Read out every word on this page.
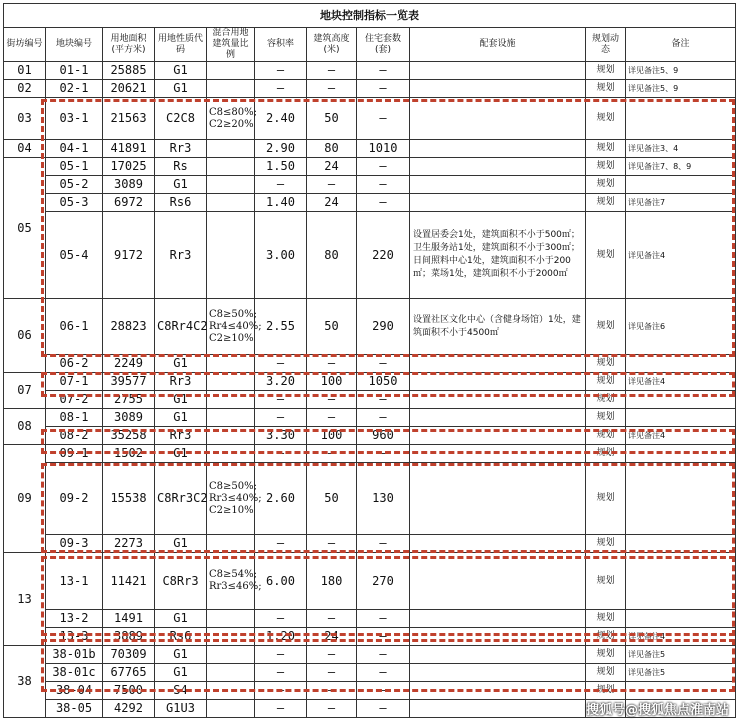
地块控制指标一览表										
街坊编号	地块编号	用地面积(平方米)	用地性质代码	混合用地建筑量比例	容积率	建筑高度(米)	住宅套数(套)	配套设施	规划动态	备注
01	01-1	25885	G1		—	—	—		规划	详见备注5、9
02	02-1	20621	G1		—	—	—		规划	详见备注5、9
03	03-1	21563	C2C8	C8≤80%; C2≥20%	2.40	50	—		规划	
04	04-1	41891	Rr3		2.90	80	1010		规划	详见备注3、4
05	05-1	17025	Rs		1.50	24	—		规划	详见备注7、8、9
	05-2	3089	G1		—	—	—		规划	
	05-3	6972	Rs6		1.40	24	—		规划	详见备注7
	05-4	9172	Rr3		3.00	80	220	设置居委会1处，建筑面积不小于500㎡；卫生服务站1处，建筑面积不小于300㎡；日间照料中心1处，建筑面积不小于200㎡；菜场1处，建筑面积不小于2000㎡	规划	详见备注4
06	06-1	28823	C8Rr4C2	C8≥50%; Rr4≤40%; C2≥10%	2.55	50	290	设置社区文化中心（含健身场馆）1处，建筑面积不小于4500㎡	规划	详见备注6
	06-2	2249	G1		—	—	—		规划	
07	07-1	39577	Rr3		3.20	100	1050		规划	详见备注4
	07-2	2755	G1		—	—	—		规划	
08	08-1	3089	G1		—	—	—		规划	
	08-2	35258	Rr3		3.30	100	960		规划	详见备注4
09	09-1	1502	G1		—	—	—		规划	
	09-2	15538	C8Rr3C2	C8≥50%; Rr3≤40%; C2≥10%	2.60	50	130		规划	
	09-3	2273	G1		—	—	—		规划	
13	13-1	11421	C8Rr3	C8≥54%; Rr3≤46%;	6.00	180	270		规划	
	13-2	1491	G1		—	—	—		规划	
	13-3	3889	Rs6		1.20	24	—		规划	详见备注4
38	38-01b	70309	G1		—	—	—		规划	详见备注5
	38-01c	67765	G1		—	—	—		规划	详见备注5
	38-04	7500	S4		—	—	—		规划	
	38-05	4292	G1U3		—	—	—				搜狐号@搜狐焦点淮南站
